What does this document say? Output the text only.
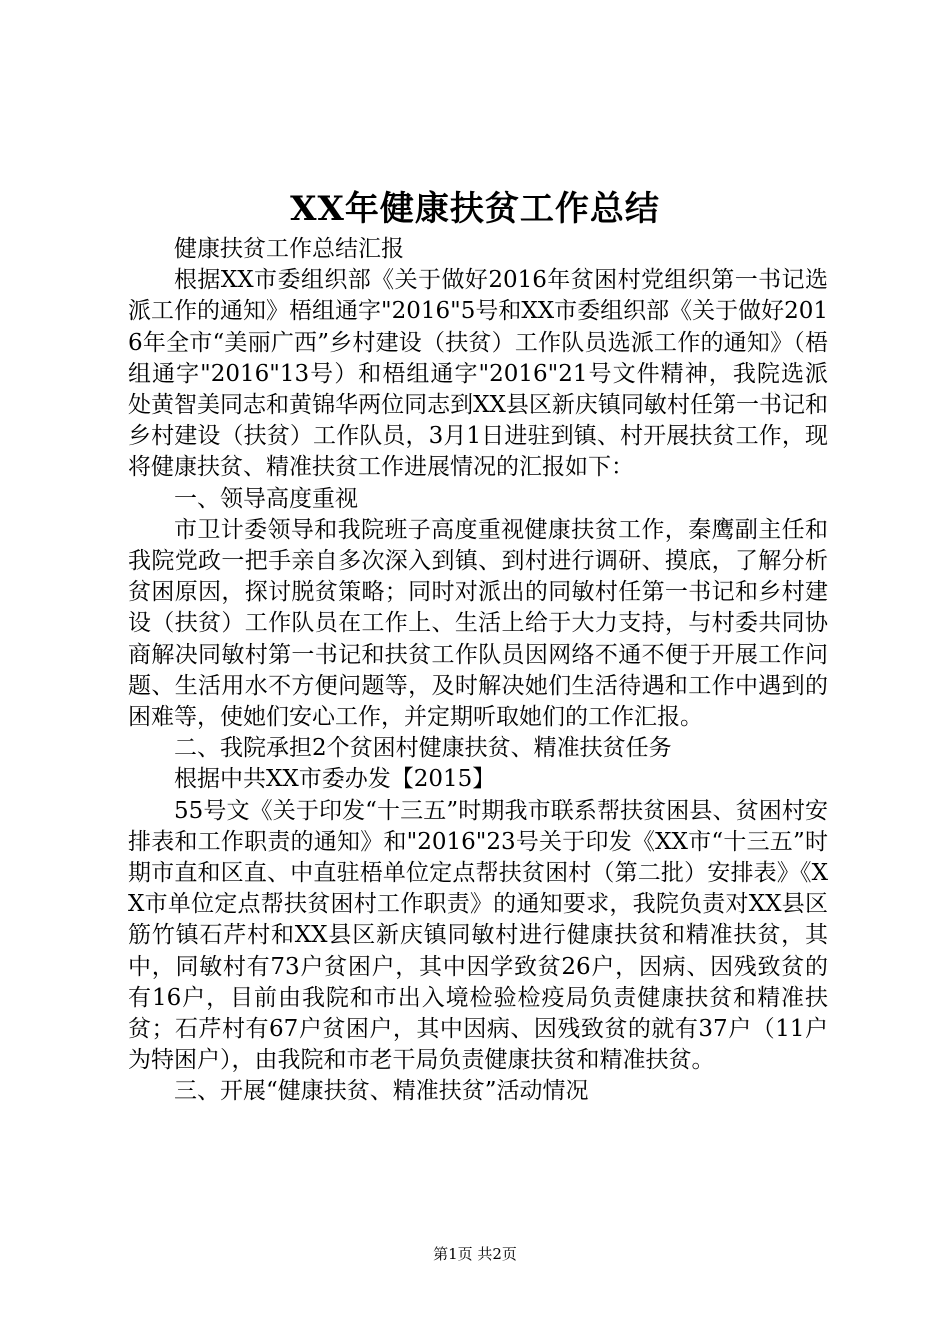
XX年健康扶贫工作总结

健康扶贫工作总结汇报

根据XX市委组织部《关于做好2016年贫困村党组织第一书记选派工作的通知》梧组通字"2016"5号和XX市委组织部《关于做好2016年全市“美丽广西”乡村建设（扶贫）工作队员选派工作的通知》（梧组通字"2016"13号）和梧组通字"2016"21号文件精神，我院选派处黄智美同志和黄锦华两位同志到XX县区新庆镇同敏村任第一书记和乡村建设（扶贫）工作队员，3月1日进驻到镇、村开展扶贫工作，现将健康扶贫、精准扶贫工作进展情况的汇报如下：

一、领导高度重视

市卫计委领导和我院班子高度重视健康扶贫工作，秦鹰副主任和我院党政一把手亲自多次深入到镇、到村进行调研、摸底，了解分析贫困原因，探讨脱贫策略；同时对派出的同敏村任第一书记和乡村建设（扶贫）工作队员在工作上、生活上给于大力支持，与村委共同协商解决同敏村第一书记和扶贫工作队员因网络不通不便于开展工作问题、生活用水不方便问题等，及时解决她们生活待遇和工作中遇到的困难等，使她们安心工作，并定期听取她们的工作汇报。

二、我院承担2个贫困村健康扶贫、精准扶贫任务

根据中共XX市委办发【2015】

55号文《关于印发“十三五”时期我市联系帮扶贫困县、贫困村安排表和工作职责的通知》和"2016"23号关于印发《XX市“十三五”时期市直和区直、中直驻梧单位定点帮扶贫困村（第二批）安排表》《XX市单位定点帮扶贫困村工作职责》的通知要求，我院负责对XX县区筋竹镇石芹村和XX县区新庆镇同敏村进行健康扶贫和精准扶贫，其中，同敏村有73户贫困户，其中因学致贫26户，因病、因残致贫的有16户，目前由我院和市出入境检验检疫局负责健康扶贫和精准扶贫；石芹村有67户贫困户，其中因病、因残致贫的就有37户（11户为特困户），由我院和市老干局负责健康扶贫和精准扶贫。

三、开展“健康扶贫、精准扶贫”活动情况

第1页 共2页
